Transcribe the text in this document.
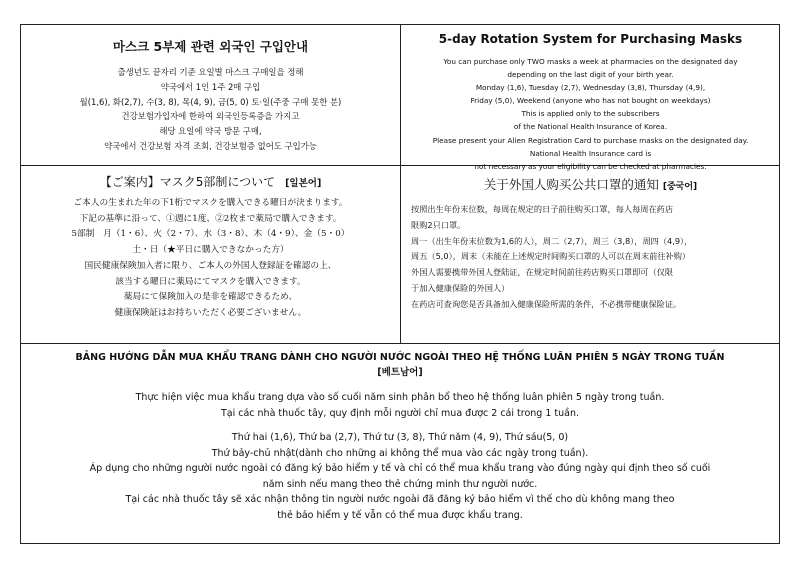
마스크 5부제 관련 외국인 구입안내
출생년도 끝자리 기준 요일별 마스크 구매일을 정해
약국에서 1인 1주 2매 구입
월(1,6), 화(2,7), 수(3, 8), 목(4, 9), 금(5, 0) 토·일(주중 구매 못한 분)
건강보험가입자에 한하여 외국인등록증을 가지고
해당 요일에 약국 방문 구매,
약국에서 건강보험 자격 조회, 건강보험증 없어도 구입가능
5-day Rotation System for Purchasing Masks
You can purchase only TWO masks a week at pharmacies on the designated day
depending on the last digit of your birth year.
Monday (1,6), Tuesday (2,7), Wednesday (3,8), Thursday (4,9),
Friday (5,0), Weekend (anyone who has not bought on weekdays)
This is applied only to the subscribers
of the National Health Insurance of Korea.
Please present your Alien Registration Card to purchase masks on the designated day.
National Health Insurance card is
not necessary as your eligibility can be checked at pharmacies.
【ご案内】マスク5部制について [일본어]
ご本人の生まれた年の下1桁でマスクを購入できる曜日が決まります。
下記の基準に沿って、①週に1度、②2枚まで薬局で購入できます。
5部制　月（1・6）、火（2・7）、水（3・8）、木（4・9）、金（5・0）
土・日（★平日に購入できなかった方）
国民健康保険加入者に限り、ご本人の外国人登録証を確認の上、
該当する曜日に薬局にてマスクを購入できます。
薬局にて保険加入の是非を確認できるため、
健康保険証はお持ちいただく必要ございません。
关于外国人购买公共口罩的通知 [중국어]
按照出生年份末位数，每周在规定的日子前往购买口罩，每人每周在药店
限购2只口罩。
周一（出生年份末位数为1,6的人），周二（2,7），周三（3,8），周四（4,9），
周五（5,0），周末（未能在上述规定时间购买口罩的人可以在周末前往补购）
外国人需要携带外国人登陆证，在规定时间前往药店购买口罩即可（仅限
于加入健康保险的外国人）
在药店可查询您是否具备加入健康保险所需的条件，不必携带健康保险证。
BẢNG HƯỚNG DẪN MUA KHẨU TRANG DÀNH CHO NGƯỜI NƯỚC NGOÀI THEO HỆ THỐNG LUÂN PHIÊN 5 NGÀY TRONG TUẦN
[베트남어]
Thực hiện việc mua khẩu trang dựa vào số cuối năm sinh phân bổ theo hệ thống luân phiên 5 ngày trong tuần.
Tại các nhà thuốc tây, quy định mỗi người chỉ mua được 2 cái trong 1 tuần.
Thứ hai (1,6), Thứ ba (2,7), Thứ tư (3, 8), Thứ năm (4, 9), Thứ sáu(5, 0)
Thứ bảy-chủ nhật(dành cho những ai không thể mua vào các ngày trong tuần).
Áp dụng cho những người nước ngoài có đăng ký bảo hiểm y tế và chỉ có thể mua khẩu trang vào đúng ngày qui định theo số cuối
năm sinh nếu mang theo thẻ chứng minh thư người nước.
Tại các nhà thuốc tây sẽ xác nhận thông tin người nước ngoài đã đăng ký bảo hiểm vì thế cho dù không mang theo
thẻ bảo hiểm y tế vẫn có thể mua được khẩu trang.
